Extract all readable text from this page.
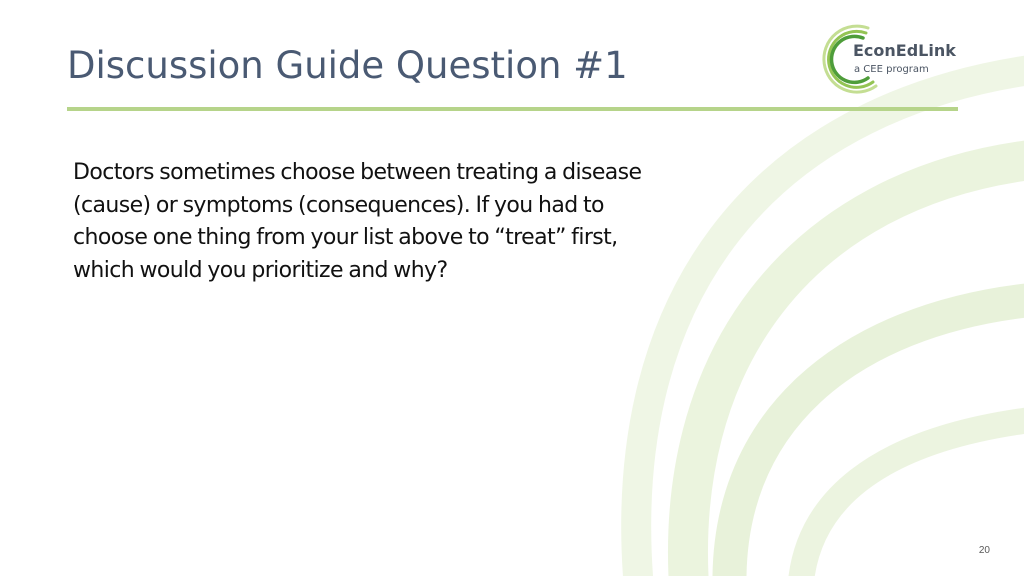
Discussion Guide Question #1	EconEdLink
a CEE program

Doctors sometimes choose between treating a disease (cause) or symptoms (consequences). If you had to choose one thing from your list above to “treat” first, which would you prioritize and why?

20
